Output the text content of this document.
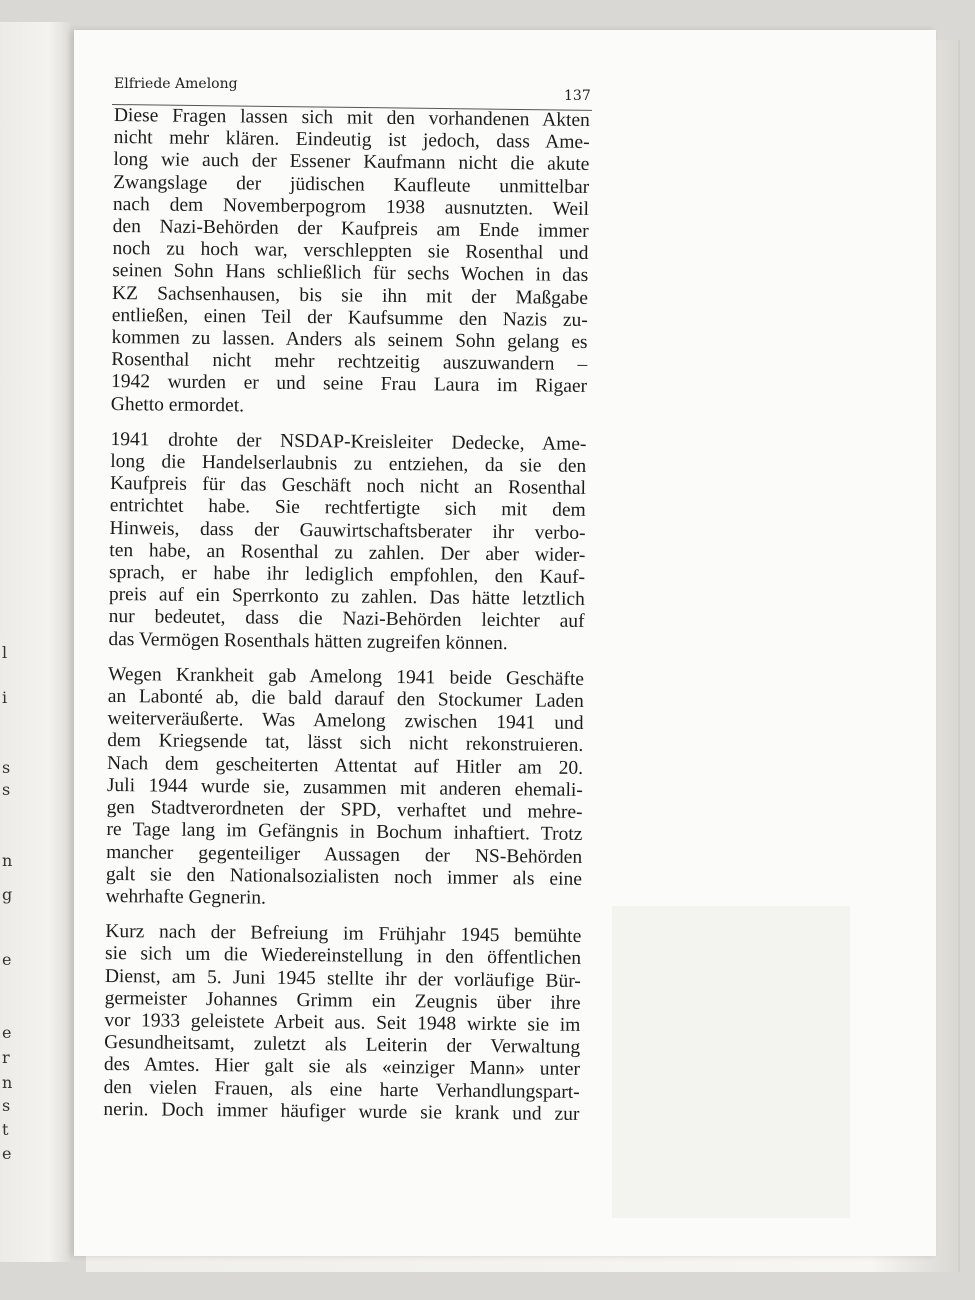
l
i
s
s
n
g
e
e
r
n
s
t
e
Elfriede Amelong
137
Diese Fragen lassen sich mit den vorhandenen Akten
nicht mehr klären. Eindeutig ist jedoch, dass Ame-
long wie auch der Essener Kaufmann nicht die akute
Zwangslage der jüdischen Kaufleute unmittelbar
nach dem Novemberpogrom 1938 ausnutzten. Weil
den Nazi-Behörden der Kaufpreis am Ende immer
noch zu hoch war, verschleppten sie Rosenthal und
seinen Sohn Hans schließlich für sechs Wochen in das
KZ Sachsenhausen, bis sie ihn mit der Maßgabe
entließen, einen Teil der Kaufsumme den Nazis zu-
kommen zu lassen. Anders als seinem Sohn gelang es
Rosenthal nicht mehr rechtzeitig auszuwandern –
1942 wurden er und seine Frau Laura im Rigaer
Ghetto ermordet.
1941 drohte der NSDAP-Kreisleiter Dedecke, Ame-
long die Handelserlaubnis zu entziehen, da sie den
Kaufpreis für das Geschäft noch nicht an Rosenthal
entrichtet habe. Sie rechtfertigte sich mit dem
Hinweis, dass der Gauwirtschaftsberater ihr verbo-
ten habe, an Rosenthal zu zahlen. Der aber wider-
sprach, er habe ihr lediglich empfohlen, den Kauf-
preis auf ein Sperrkonto zu zahlen. Das hätte letztlich
nur bedeutet, dass die Nazi-Behörden leichter auf
das Vermögen Rosenthals hätten zugreifen können.
Wegen Krankheit gab Amelong 1941 beide Geschäfte
an Labonté ab, die bald darauf den Stockumer Laden
weiterveräußerte. Was Amelong zwischen 1941 und
dem Kriegsende tat, lässt sich nicht rekonstruieren.
Nach dem gescheiterten Attentat auf Hitler am 20.
Juli 1944 wurde sie, zusammen mit anderen ehemali-
gen Stadtverordneten der SPD, verhaftet und mehre-
re Tage lang im Gefängnis in Bochum inhaftiert. Trotz
mancher gegenteiliger Aussagen der NS-Behörden
galt sie den Nationalsozialisten noch immer als eine
wehrhafte Gegnerin.
Kurz nach der Befreiung im Frühjahr 1945 bemühte
sie sich um die Wiedereinstellung in den öffentlichen
Dienst, am 5. Juni 1945 stellte ihr der vorläufige Bür-
germeister Johannes Grimm ein Zeugnis über ihre
vor 1933 geleistete Arbeit aus. Seit 1948 wirkte sie im
Gesundheitsamt, zuletzt als Leiterin der Verwaltung
des Amtes. Hier galt sie als «einziger Mann» unter
den vielen Frauen, als eine harte Verhandlungspart-
nerin. Doch immer häufiger wurde sie krank und zur
